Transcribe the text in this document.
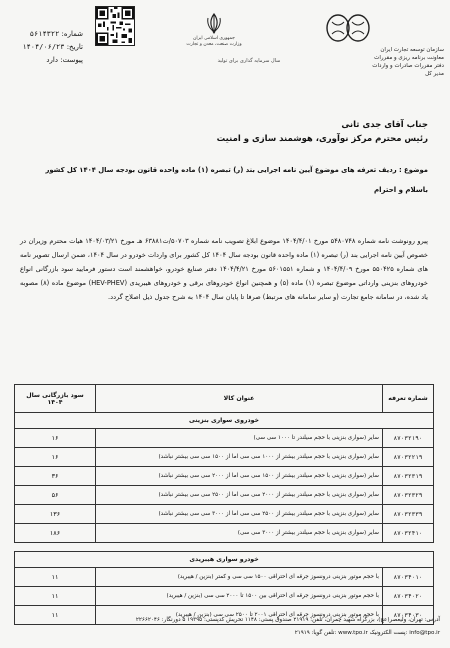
شماره: ۵۶۱۴۳۲۲
تاریخ: ۱۴۰۴/۰۶/۲۳
پیوست: دارد
جمهوری اسلامی ایران
وزارت صنعت، معدن و تجارت
سال سرمایه گذاری برای تولید
سازمان توسعه تجارت ایران
معاونت برنامه ریزی و مقررات
دفتر مقررات صادرات و واردات
مدیر کل
جناب آقای جدی ثانی
رئیس محترم مرکز نوآوری، هوشمند سازی و امنیت
موضوع : ردیف تعرفه های موضوع آیین نامه اجرایی بند (ر) تبصره (۱) ماده واحده قانون بودجه سال ۱۴۰۴ کل کشور
باسلام و احترام
پیرو رونوشت نامه شماره ۵۴۸۰۷۴۸ مورخ ۱۴۰۴/۴/۰۱ موضوع ابلاغ تصویب نامه شماره ۵۰۷۰۳/ت۶۳۸۸۱ هـ مورخ ۱۴۰۴/۰۳/۲۱ هیات محترم وزیران در خصوص آیین نامه اجرایی بند (ر) تبصره (۱) ماده واحده قانون بودجه سال ۱۴۰۴ کل کشور برای واردات خودرو در سال ۱۴۰۴، ضمن ارسال تصویر نامه های شماره ۵۵۰۴۲۵ مورخ ۱۴۰۴/۴/۰۹ و شماره ۵۶۰۱۵۵۱ مورخ ۱۴۰۴/۴/۲۱ دفتر صنایع خودرو، خواهشمند است دستور فرمایید سود بازرگانی انواع خودروهای بنزینی وارداتی موضوع تبصره (۱) ماده (۵) و همچنین انواع خودروهای برقی و خودروهای هیبریدی (HEV-PHEV) موضوع ماده (۸) مصوبه یاد شده، در سامانه جامع تجارت (و سایر سامانه های مرتبط) صرفا تا پایان سال ۱۴۰۴ به شرح جدول ذیل اصلاح گردد.
شماره تعرفه	عنوان کالا	سود بازرگانی سال ۱۴۰۴
خودروی سواری بنزینی		
۸۷۰۳۲۱۹۰	سایر (سواری بنزینی با حجم سیلندر تا ۱۰۰۰ سی سی)	۱۶
۸۷۰۳۲۲۱۹	سایر (سواری بنزینی با حجم سیلندر بیشتر از ۱۰۰۰ سی سی اما از ۱۵۰۰ سی سی بیشتر نباشد)	۱۶
۸۷۰۳۲۳۱۹	سایر (سواری بنزینی با حجم سیلندر بیشتر از ۱۵۰۰ سی سی اما از ۲۰۰۰ سی سی بیشتر نباشد)	۳۶
۸۷۰۳۲۳۲۹	سایر (سواری بنزینی با حجم سیلندر بیشتر از ۲۰۰۰ سی سی اما از ۲۵۰۰ سی سی بیشتر نباشد)	۵۶
۸۷۰۳۲۳۳۹	سایر (سواری بنزینی با حجم سیلندر بیشتر از ۲۵۰۰ سی سی اما از ۳۰۰۰ سی سی بیشتر نباشد)	۱۳۶
۸۷۰۳۲۴۱۰	سایر (سواری بنزینی با حجم سیلندر بیشتر از ۳۰۰۰ سی سی)	۱۸۶

خودرو سواری هیبریدی		
۸۷۰۳۴۰۱۰	با حجم موتور بنزینی درونسوز جرقه ای احتراقی ۱۵۰۰ سی سی و کمتر (بنزین / هیبرید)	۱۱
۸۷۰۳۴۰۲۰	با حجم موتور بنزینی درونسوز جرقه ای احتراقی بین ۱۵۰۰ تا ۲۰۰۰ سی سی (بنزین / هیبرید)	۱۱
۸۷۰۳۴۰۳۰	با حجم موتور بنزینی درونسوز جرقه ای احتراقی ۲۰۰۱ تا ۲۵۰۰ سی سی (بنزین / هیبرید)	۱۱
آدرس: تهران، ولیعصر(عج)، بزرگراه شهید چمران، تلفن: ۲۱۹۱۹ صندوق پستی: ۱۱۴۸ تحریش کدپستی: ۱۹۳۹۵ ۵ دورنگار: ۲۲۶۶۲۰۴۶
info@tpo.ir :پست الکترونیک www.tpo.ir :تلفن گویا: ۲۱۹۱۹
